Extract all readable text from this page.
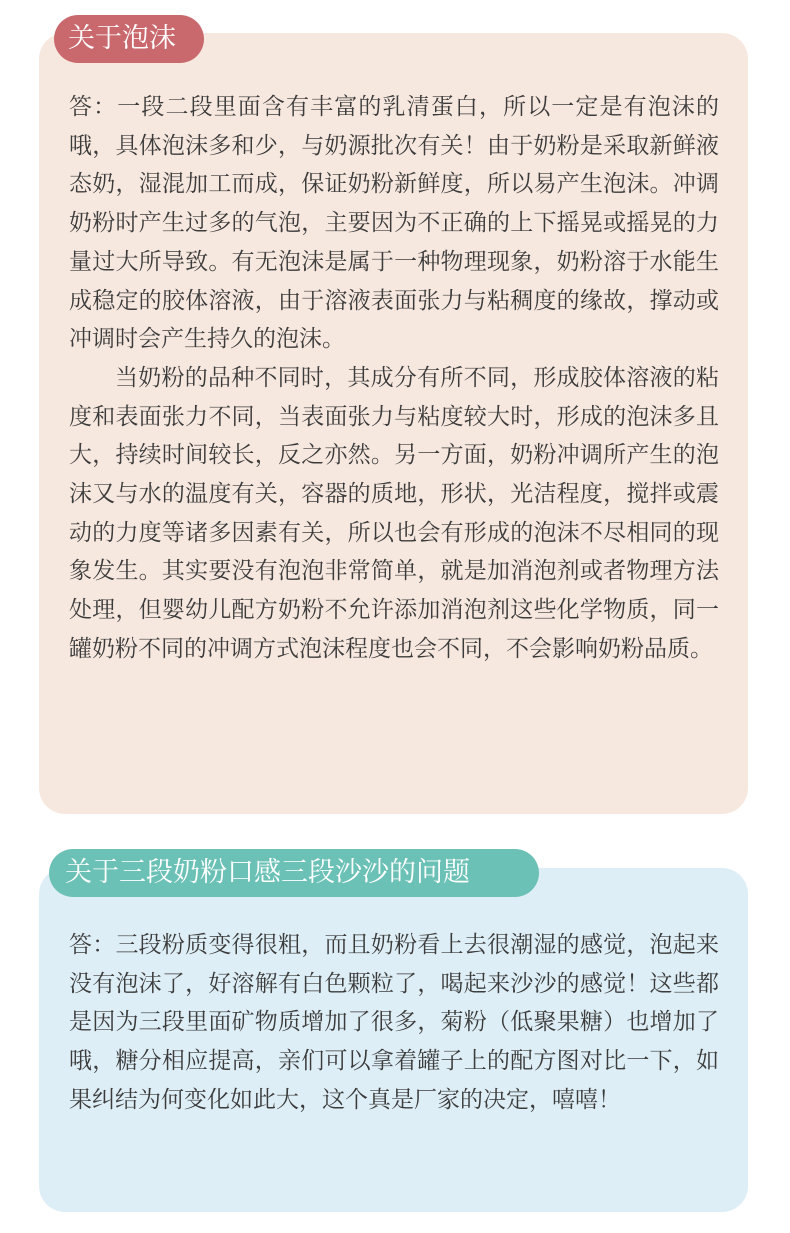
答：一段二段里面含有丰富的乳清蛋白，所以一定是有泡沫的哦，具体泡沫多和少，与奶源批次有关！由于奶粉是采取新鲜液态奶，湿混加工而成，保证奶粉新鲜度，所以易产生泡沫。冲调奶粉时产生过多的气泡，主要因为不正确的上下摇晃或摇晃的力量过大所导致。有无泡沫是属于一种物理现象，奶粉溶于水能生成稳定的胶体溶液，由于溶液表面张力与粘稠度的缘故，撑动或冲调时会产生持久的泡沫。

当奶粉的品种不同时，其成分有所不同，形成胶体溶液的粘度和表面张力不同，当表面张力与粘度较大时，形成的泡沫多且大，持续时间较长，反之亦然。另一方面，奶粉冲调所产生的泡沫又与水的温度有关，容器的质地，形状，光洁程度，搅拌或震动的力度等诸多因素有关，所以也会有形成的泡沫不尽相同的现象发生。其实要没有泡泡非常简单，就是加消泡剂或者物理方法处理，但婴幼儿配方奶粉不允许添加消泡剂这些化学物质，同一罐奶粉不同的冲调方式泡沫程度也会不同，不会影响奶粉品质。

关于泡沫

答：三段粉质变得很粗，而且奶粉看上去很潮湿的感觉，泡起来没有泡沫了，好溶解有白色颗粒了，喝起来沙沙的感觉！这些都是因为三段里面矿物质增加了很多，菊粉（低聚果糖）也增加了哦，糖分相应提高，亲们可以拿着罐子上的配方图对比一下，如果纠结为何变化如此大，这个真是厂家的决定，嘻嘻！

关于三段奶粉口感三段沙沙的问题
